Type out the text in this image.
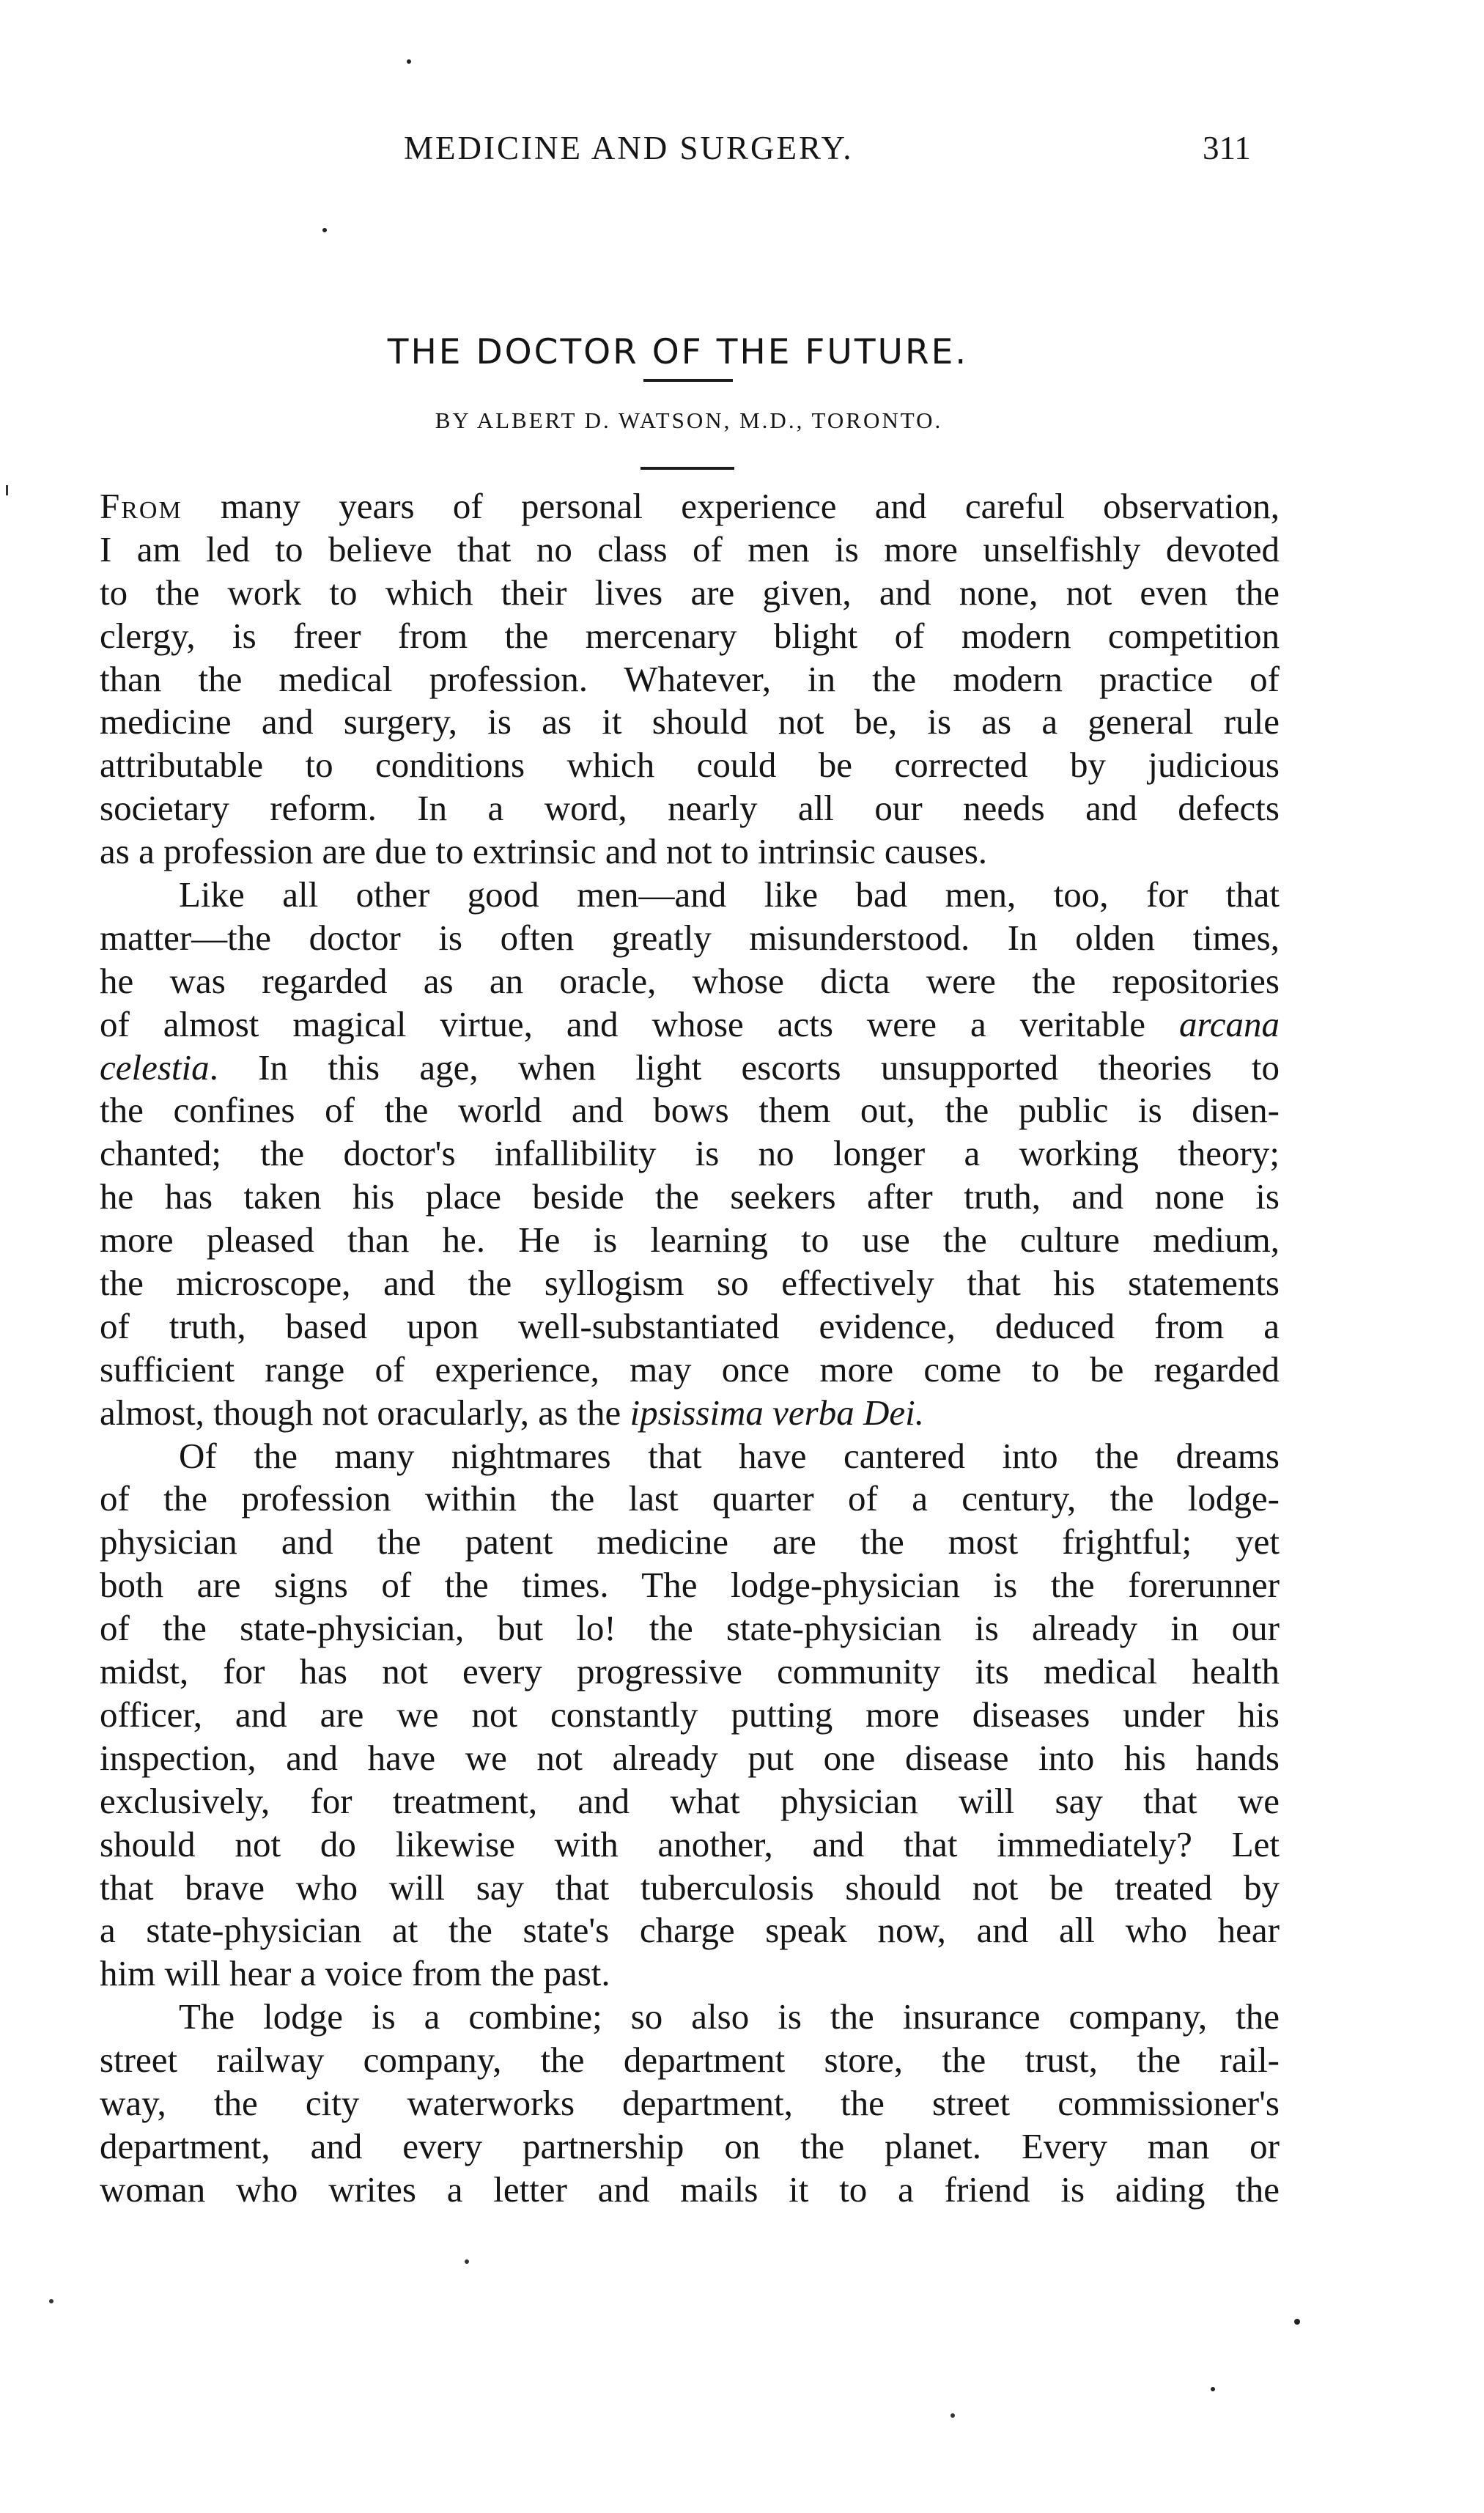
MEDICINE AND SURGERY.	311
THE DOCTOR OF THE FUTURE.
BY ALBERT D. WATSON, M.D., TORONTO.
From many years of personal experience and careful observation,
I am led to believe that no class of men is more unselfishly devoted
to the work to which their lives are given, and none, not even the
clergy, is freer from the mercenary blight of modern competition
than the medical profession. Whatever, in the modern practice of
medicine and surgery, is as it should not be, is as a general rule
attributable to conditions which could be corrected by judicious
societary reform. In a word, nearly all our needs and defects
as a profession are due to extrinsic and not to intrinsic causes.
Like all other good men—and like bad men, too, for that
matter—the doctor is often greatly misunderstood. In olden times,
he was regarded as an oracle, whose dicta were the repositories
of almost magical virtue, and whose acts were a veritable arcana
celestia. In this age, when light escorts unsupported theories to
the confines of the world and bows them out, the public is disen-
chanted; the doctor's infallibility is no longer a working theory;
he has taken his place beside the seekers after truth, and none is
more pleased than he. He is learning to use the culture medium,
the microscope, and the syllogism so effectively that his statements
of truth, based upon well-substantiated evidence, deduced from a
sufficient range of experience, may once more come to be regarded
almost, though not oracularly, as the ipsissima verba Dei.
Of the many nightmares that have cantered into the dreams
of the profession within the last quarter of a century, the lodge-
physician and the patent medicine are the most frightful; yet
both are signs of the times. The lodge-physician is the forerunner
of the state-physician, but lo! the state-physician is already in our
midst, for has not every progressive community its medical health
officer, and are we not constantly putting more diseases under his
inspection, and have we not already put one disease into his hands
exclusively, for treatment, and what physician will say that we
should not do likewise with another, and that immediately? Let
that brave who will say that tuberculosis should not be treated by
a state-physician at the state's charge speak now, and all who hear
him will hear a voice from the past.
The lodge is a combine; so also is the insurance company, the
street railway company, the department store, the trust, the rail-
way, the city waterworks department, the street commissioner's
department, and every partnership on the planet. Every man or
woman who writes a letter and mails it to a friend is aiding the
